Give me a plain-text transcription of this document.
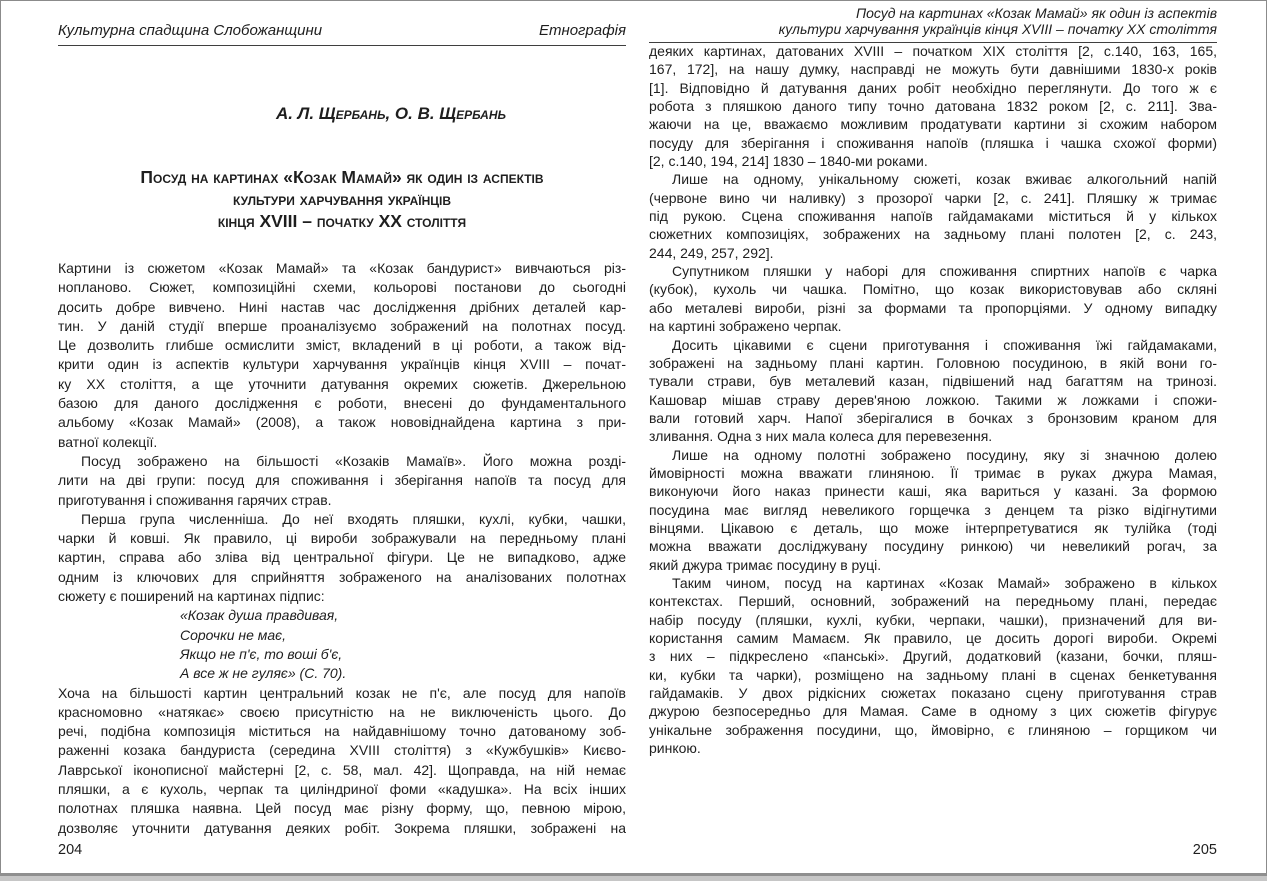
Культурна спадщина Слобожанщини	Етнографія
А. Л. Щербань, О. В. Щербань
Посуд на картинах «Козак Мамай» як один із аспектів
культури харчування українців
кінця XVIII – початку XX століття
Картини із сюжетом «Козак Мамай» та «Козак бандурист» вивчаються різ-
нопланово. Сюжет, композиційні схеми, кольорові постанови до сьогодні
досить добре вивчено. Нині настав час дослідження дрібних деталей кар-
тин. У даній студії вперше проаналізуємо зображений на полотнах посуд.
Це дозволить глибше осмислити зміст, вкладений в ці роботи, а також від-
крити один із аспектів культури харчування українців кінця XVIII – почат-
ку XX століття, а ще уточнити датування окремих сюжетів. Джерельною
базою для даного дослідження є роботи, внесені до фундаментального
альбому «Козак Мамай» (2008), а також нововіднайдена картина з при-
ватної колекції.
Посуд зображено на більшості «Козаків Мамаїв». Його можна розді-
лити на дві групи: посуд для споживання і зберігання напоїв та посуд для
приготування і споживання гарячих страв.
Перша група численніша. До неї входять пляшки, кухлі, кубки, чашки,
чарки й ковші. Як правило, ці вироби зображували на передньому плані
картин, справа або зліва від центральної фігури. Це не випадково, адже
одним із ключових для сприйняття зображеного на аналізованих полотнах
сюжету є поширений на картинах підпис:
«Козак душа правдивая,
Сорочки не має,
Якщо не п'є, то воші б'є,
А все ж не гуляє» (С. 70).
Хоча на більшості картин центральний козак не п'є, але посуд для напоїв
красномовно «натякає» своєю присутністю на не виключеність цього. До
речі, подібна композиція міститься на найдавнішому точно датованому зоб-
раженні козака бандуриста (середина XVIII століття) з «Кужбушків» Києво-
Лаврської іконописної майстерні [2, с. 58, мал. 42]. Щоправда, на ній немає
пляшки, а є кухоль, черпак та циліндриної фоми «кадушка». На всіх інших
полотнах пляшка наявна. Цей посуд має різну форму, що, певною мірою,
дозволяє уточнити датування деяких робіт. Зокрема пляшки, зображені на
204
Посуд на картинах «Козак Мамай» як один із аспектів
культури харчування українців кінця XVIII – початку XX століття
деяких картинах, датованих XVIII – початком XIX століття [2, с.140, 163, 165,
167, 172], на нашу думку, насправді не можуть бути давнішими 1830-х років
[1]. Відповідно й датування даних робіт необхідно переглянути. До того ж є
робота з пляшкою даного типу точно датована 1832 роком [2, с. 211]. Зва-
жаючи на це, вважаємо можливим продатувати картини зі схожим набором
посуду для зберігання і споживання напоїв (пляшка і чашка схожої форми)
[2, с.140, 194, 214] 1830 – 1840-ми роками.
Лише на одному, унікальному сюжеті, козак вживає алкогольний напій
(червоне вино чи наливку) з прозорої чарки [2, с. 241]. Пляшку ж тримає
під рукою. Сцена споживання напоїв гайдамаками міститься й у кількох
сюжетних композиціях, зображених на задньому плані полотен [2, с. 243,
244, 249, 257, 292].
Супутником пляшки у наборі для споживання спиртних напоїв є чарка
(кубок), кухоль чи чашка. Помітно, що козак використовував або скляні
або металеві вироби, різні за формами та пропорціями. У одному випадку
на картині зображено черпак.
Досить цікавими є сцени приготування і споживання їжі гайдамаками,
зображені на задньому плані картин. Головною посудиною, в якій вони го-
тували страви, був металевий казан, підвішений над багаттям на тринозі.
Кашовар мішав страву дерев'яною ложкою. Такими ж ложками і спожи-
вали готовий харч. Напої зберігалися в бочках з бронзовим краном для
зливання. Одна з них мала колеса для перевезення.
Лише на одному полотні зображено посудину, яку зі значною долею
ймовірності можна вважати глиняною. Її тримає в руках джура Мамая,
виконуючи його наказ принести каші, яка вариться у казані. За формою
посудина має вигляд невеликого горщечка з денцем та різко відігнутими
вінцями. Цікавою є деталь, що може інтерпретуватися як тулійка (тоді
можна вважати досліджувану посудину ринкою) чи невеликий рогач, за
який джура тримає посудину в руці.
Таким чином, посуд на картинах «Козак Мамай» зображено в кількох
контекстах. Перший, основний, зображений на передньому плані, передає
набір посуду (пляшки, кухлі, кубки, черпаки, чашки), призначений для ви-
користання самим Мамаєм. Як правило, це досить дорогі вироби. Окремі
з них – підкреслено «панські». Другий, додатковий (казани, бочки, пляш-
ки, кубки та чарки), розміщено на задньому плані в сценах бенкетування
гайдамаків. У двох рідкісних сюжетах показано сцену приготування страв
джурою безпосередньо для Мамая. Саме в одному з цих сюжетів фігурує
унікальне зображення посудини, що, ймовірно, є глиняною – горщиком чи
ринкою.
205
